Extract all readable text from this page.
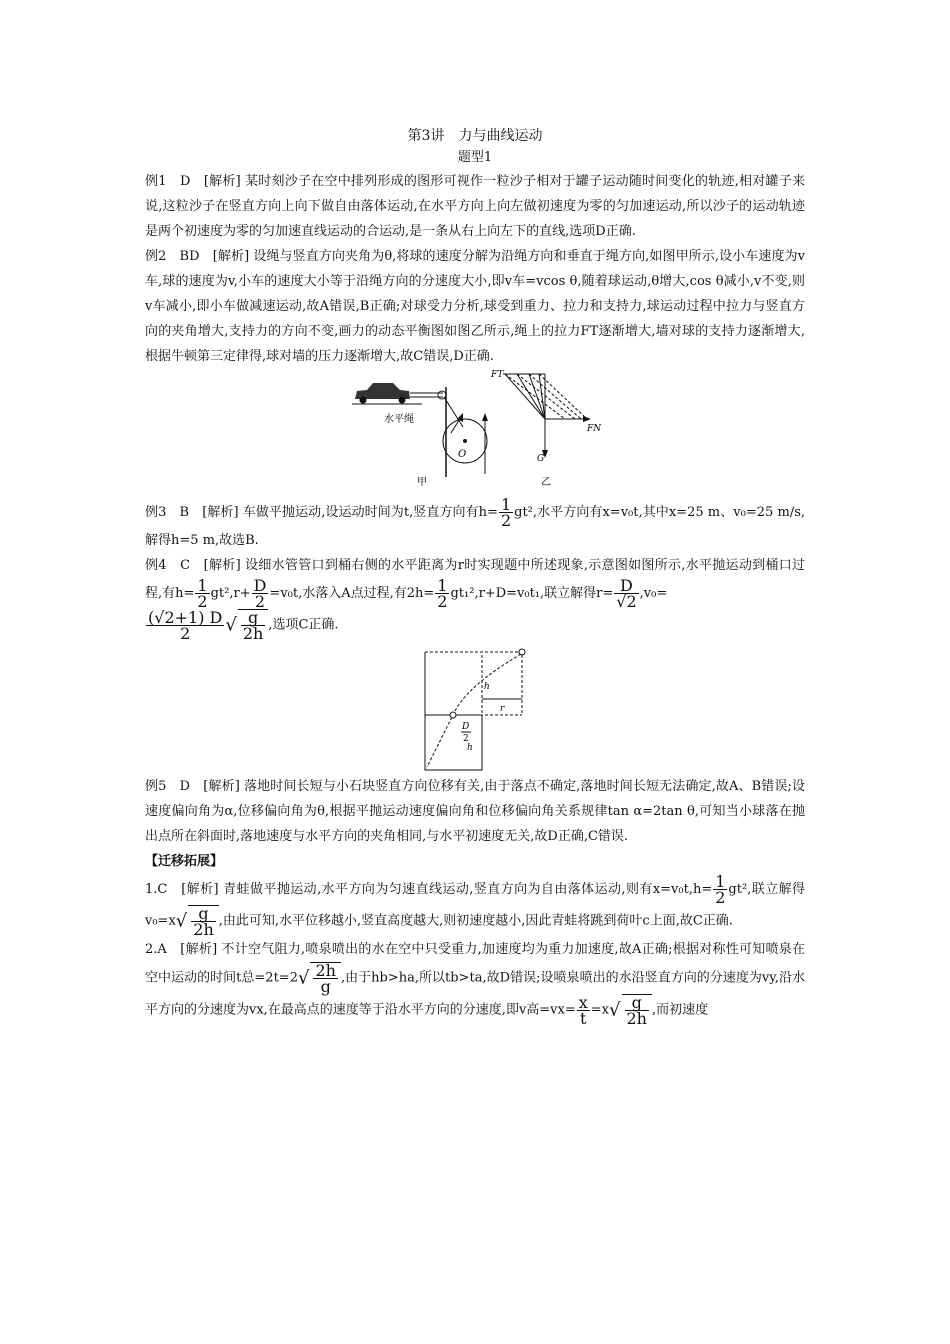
第3讲　力与曲线运动
题型1

例1　D　[解析] 某时刻沙子在空中排列形成的图形可视作一粒沙子相对于罐子运动随时间变化的轨迹,相对罐子来说,这粒沙子在竖直方向上向下做自由落体运动,在水平方向上向左做初速度为零的匀加速运动,所以沙子的运动轨迹是两个初速度为零的匀加速直线运动的合运动,是一条从右上向左下的直线,选项D正确.

例2　BD　[解析] 设绳与竖直方向夹角为θ,将球的速度分解为沿绳方向和垂直于绳方向,如图甲所示,设小车速度为v车,球的速度为v,小车的速度大小等于沿绳方向的分速度大小,即v车=vcos θ,随着球运动,θ增大,cos θ减小,v不变,则v车减小,即小车做减速运动,故A错误,B正确;对球受力分析,球受到重力、拉力和支持力,球运动过程中拉力与竖直方向的夹角增大,支持力的方向不变,画力的动态平衡图如图乙所示,绳上的拉力FT逐渐增大,墙对球的支持力逐渐增大,根据牛顿第三定律得,球对墙的压力逐渐增大,故C错误,D正确.

水平绳
O
甲
FT
FN
G
乙

例3　B　[解析] 车做平抛运动,设运动时间为t,竖直方向有$h= \frac{1}{2} gt^2$,水平方向有x=v₀t,其中x=25 m、v₀=25 m/s,解得h=5 m,故选B.

例4　C　[解析] 设细水管管口到桶右侧的水平距离为r时实现题中所述现象,示意图如图所示,水平抛运动到桶口过程,有$h= \frac{1}{2} gt^2,r+ \frac{D}{2} =v_0t$,水落入A点过程,有$2h= \frac{1}{2} gt_1^2,r+D=v_0t_1$,联立解得$r= \frac{D}{√2} ,v_0=$

$\frac{(√2+1) D}{2}$ √ $\frac{g}{2h}$ ,选项C正确.

h
r
D
2
h

例5　D　[解析] 落地时间长短与小石块竖直方向位移有关,由于落点不确定,落地时间长短无法确定,故A、B错误;设速度偏向角为α,位移偏向角为θ,根据平抛运动速度偏向角和位移偏向角关系规律tan α=2tan θ,可知当小球落在抛出点所在斜面时,落地速度与水平方向的夹角相同,与水平初速度无关,故D正确,C错误.

【迁移拓展】

1.C　[解析] 青蛙做平抛运动,水平方向为匀速直线运动,竖直方向为自由落体运动,则有$x=v_0t,h= \frac{1}{2} gt^2$,联立解得$v_0=x√ \frac{g}{2h}$ ,由此可知,水平位移越小,竖直高度越大,则初速度越小,因此青蛙将跳到荷叶c上面,故C正确.

2.A　[解析] 不计空气阻力,喷泉喷出的水在空中只受重力,加速度均为重力加速度,故A正确;根据对称性可知喷泉在空中运动的时间t总$=2t=2√ \frac{2h}{g}$ ,由于hb>ha,所以tb>ta,故D错误;设喷泉喷出的水沿竖直方向的分速度为vy,沿水平方向的分速度为vx,在最高点的速度等于沿水平方向的分速度,即v高$=vx= \frac{x}{t} =x√ \frac{g}{2h}$ ,而初速度
